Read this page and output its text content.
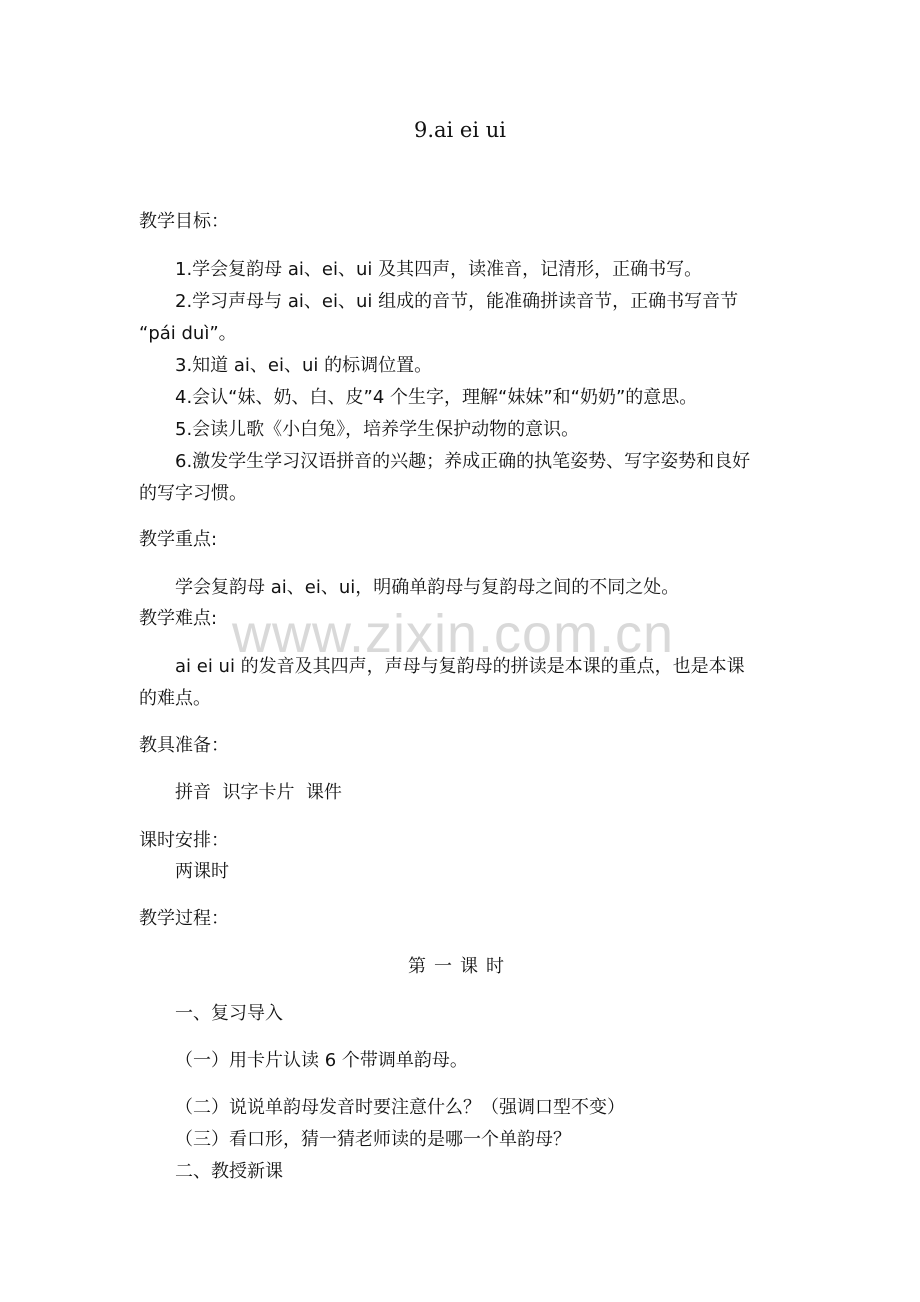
9.ai ei ui
教学目标：
1.学会复韵母 ai、ei、ui 及其四声，读准音，记清形，正确书写。
2.学习声母与 ai、ei、ui 组成的音节，能准确拼读音节，正确书写音节
“pái duì”。
3.知道 ai、ei、ui 的标调位置。
4.会认“妹、奶、白、皮”4 个生字，理解“妹妹”和“奶奶”的意思。
5.会读儿歌《小白兔》，培养学生保护动物的意识。
6.激发学生学习汉语拼音的兴趣；养成正确的执笔姿势、写字姿势和良好
的写字习惯。
教学重点:
学会复韵母 ai、ei、ui，明确单韵母与复韵母之间的不同之处。
www.zixin.com.cn
教学难点:
ai ei ui 的发音及其四声，声母与复韵母的拼读是本课的重点，也是本课
的难点。
教具准备：
拼音  识字卡片  课件
课时安排：
两课时
教学过程：
第一课时
一、复习导入
（一）用卡片认读 6 个带调单韵母。
（二）说说单韵母发音时要注意什么？（强调口型不变）
（三）看口形，猜一猜老师读的是哪一个单韵母？
二、教授新课
